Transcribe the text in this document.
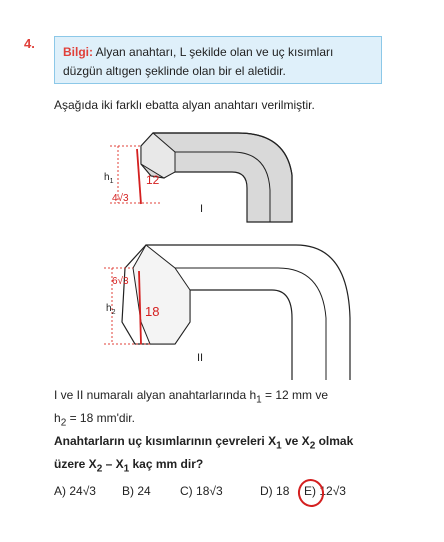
4.
Bilgi: Alyan anahtarı, L şekilde olan ve uç kısımları düzgün altıgen şeklinde olan bir el aletidir.
Aşağıda iki farklı ebatta alyan anahtarı verilmiştir.
$h_1$	12
4√3
I
$h_2$
6√3
18
II
I ve II numaralı alyan anahtarlarında $h_1 = 12$ mm ve
$h_2 = 18$ mm'dir.
Anahtarların uç kısımlarının çevreleri $X_1$ ve $X_2$ olmak
üzere $X_2 - X_1$ kaç mm dir?
A) 24√3 B) 24 C) 18√3	D) 18 E) 12√3
